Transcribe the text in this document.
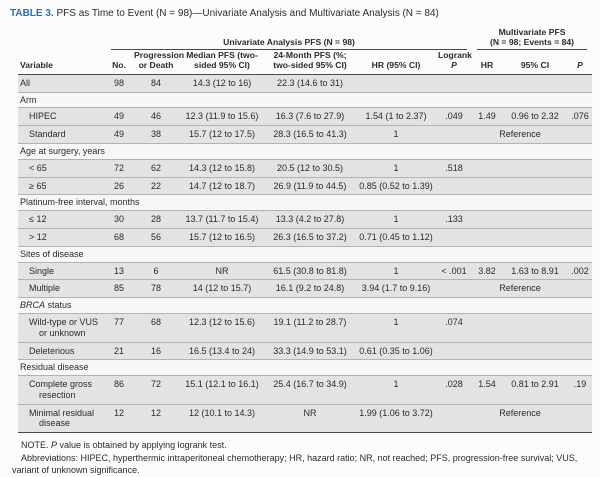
TABLE 3. PFS as Time to Event (N = 98)—Univariate Analysis and Multivariate Analysis (N = 84)

	Univariate Analysis PFS (N = 98)						Multivariate PFS
(N = 98; Events = 84)		

Variable	No.	Progression or Death	Median PFS (two-sided 95% CI)	24-Month PFS (%; two-sided 95% CI)	HR (95% CI)	Logrank
P	HR	95% CI	P
All	98	84	14.3 (12 to 16)	22.3 (14.6 to 31)					
Arm									
HIPEC	49	46	12.3 (11.9 to 15.6)	16.3 (7.6 to 27.9)	1.54 (1 to 2.37)	.049	1.49	0.96 to 2.32	.076
Standard	49	38	15.7 (12 to 17.5)	28.3 (16.5 to 41.3)	1		Reference		
Age at surgery, years									
< 65	72	62	14.3 (12 to 15.8)	20.5 (12 to 30.5)	1	.518			
≥ 65	26	22	14.7 (12 to 18.7)	26.9 (11.9 to 44.5)	0.85 (0.52 to 1.39)				
Platinum-free interval, months									
≤ 12	30	28	13.7 (11.7 to 15.4)	13.3 (4.2 to 27.8)	1	.133			
> 12	68	56	15.7 (12 to 16.5)	26.3 (16.5 to 37.2)	0.71 (0.45 to 1.12)				
Sites of disease									
Single	13	6	NR	61.5 (30.8 to 81.8)	1	< .001	3.82	1.63 to 8.91	.002
Multiple	85	78	14 (12 to 15.7)	16.1 (9.2 to 24.8)	3.94 (1.7 to 9.16)		Reference		
BRCA status									
Wild-type or VUS or unknown	77	68	12.3 (12 to 15.6)	19.1 (11.2 to 28.7)	1	.074			
Deleterious	21	16	16.5 (13.4 to 24)	33.3 (14.9 to 53.1)	0.61 (0.35 to 1.06)				
Residual disease									
Complete gross resection	86	72	15.1 (12.1 to 16.1)	25.4 (16.7 to 34.9)	1	.028	1.54	0.81 to 2.91	.19
Minimal residual disease	12	12	12 (10.1 to 14.3)	NR	1.99 (1.06 to 3.72)		Reference		

NOTE. P value is obtained by applying logrank test.

Abbreviations: HIPEC, hyperthermic intraperitoneal chemotherapy; HR, hazard ratio; NR, not reached; PFS, progression-free survival; VUS, variant of unknown significance.
